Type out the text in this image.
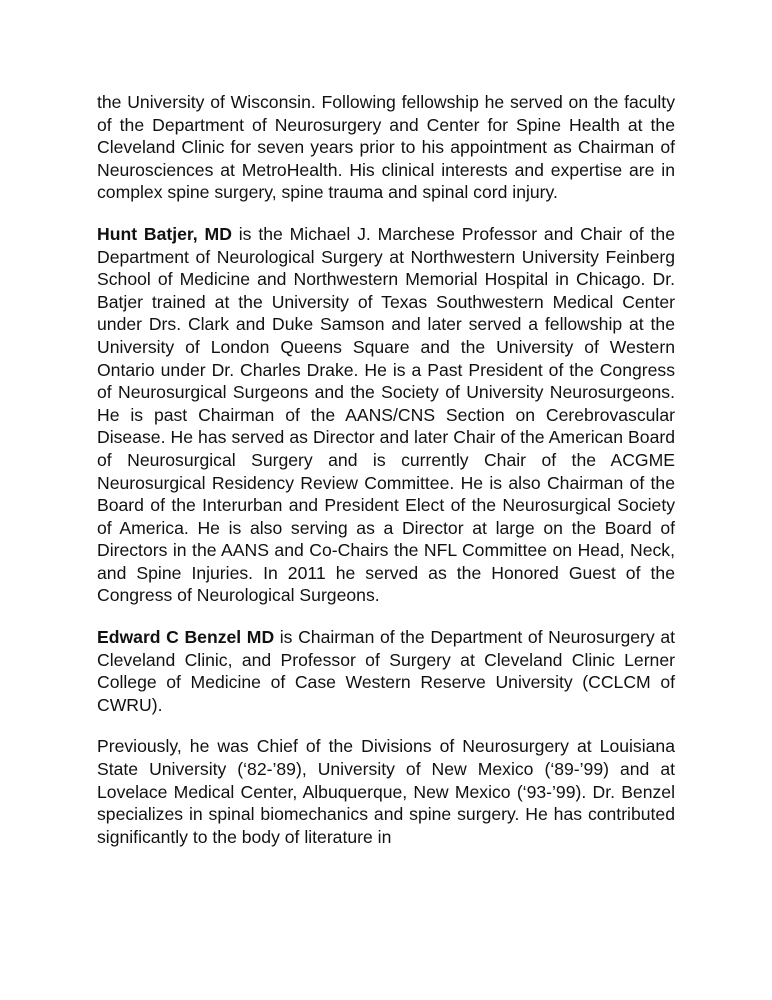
the University of Wisconsin. Following fellowship he served on the faculty of the Department of Neurosurgery and Center for Spine Health at the Cleveland Clinic for seven years prior to his appointment as Chairman of Neurosciences at MetroHealth. His clinical interests and expertise are in complex spine surgery, spine trauma and spinal cord injury.

Hunt Batjer, MD is the Michael J. Marchese Professor and Chair of the Department of Neurological Surgery at Northwestern University Feinberg School of Medicine and Northwestern Memorial Hospital in Chicago. Dr. Batjer trained at the University of Texas Southwestern Medical Center under Drs. Clark and Duke Samson and later served a fellowship at the University of London Queens Square and the University of Western Ontario under Dr. Charles Drake. He is a Past President of the Congress of Neurosurgical Surgeons and the Society of University Neurosurgeons. He is past Chairman of the AANS/CNS Section on Cerebrovascular Disease. He has served as Director and later Chair of the American Board of Neurosurgical Surgery and is currently Chair of the ACGME Neurosurgical Residency Review Committee. He is also Chairman of the Board of the Interurban and President Elect of the Neurosurgical Society of America. He is also serving as a Director at large on the Board of Directors in the AANS and Co-Chairs the NFL Committee on Head, Neck, and Spine Injuries. In 2011 he served as the Honored Guest of the Congress of Neurological Surgeons.

Edward C Benzel MD is Chairman of the Department of Neurosurgery at Cleveland Clinic, and Professor of Surgery at Cleveland Clinic Lerner College of Medicine of Case Western Reserve University (CCLCM of CWRU).

Previously, he was Chief of the Divisions of Neurosurgery at Louisiana State University (‘82-’89), University of New Mexico (‘89-’99) and at Lovelace Medical Center, Albuquerque, New Mexico (‘93-’99). Dr. Benzel specializes in spinal biomechanics and spine surgery. He has contributed significantly to the body of literature in
